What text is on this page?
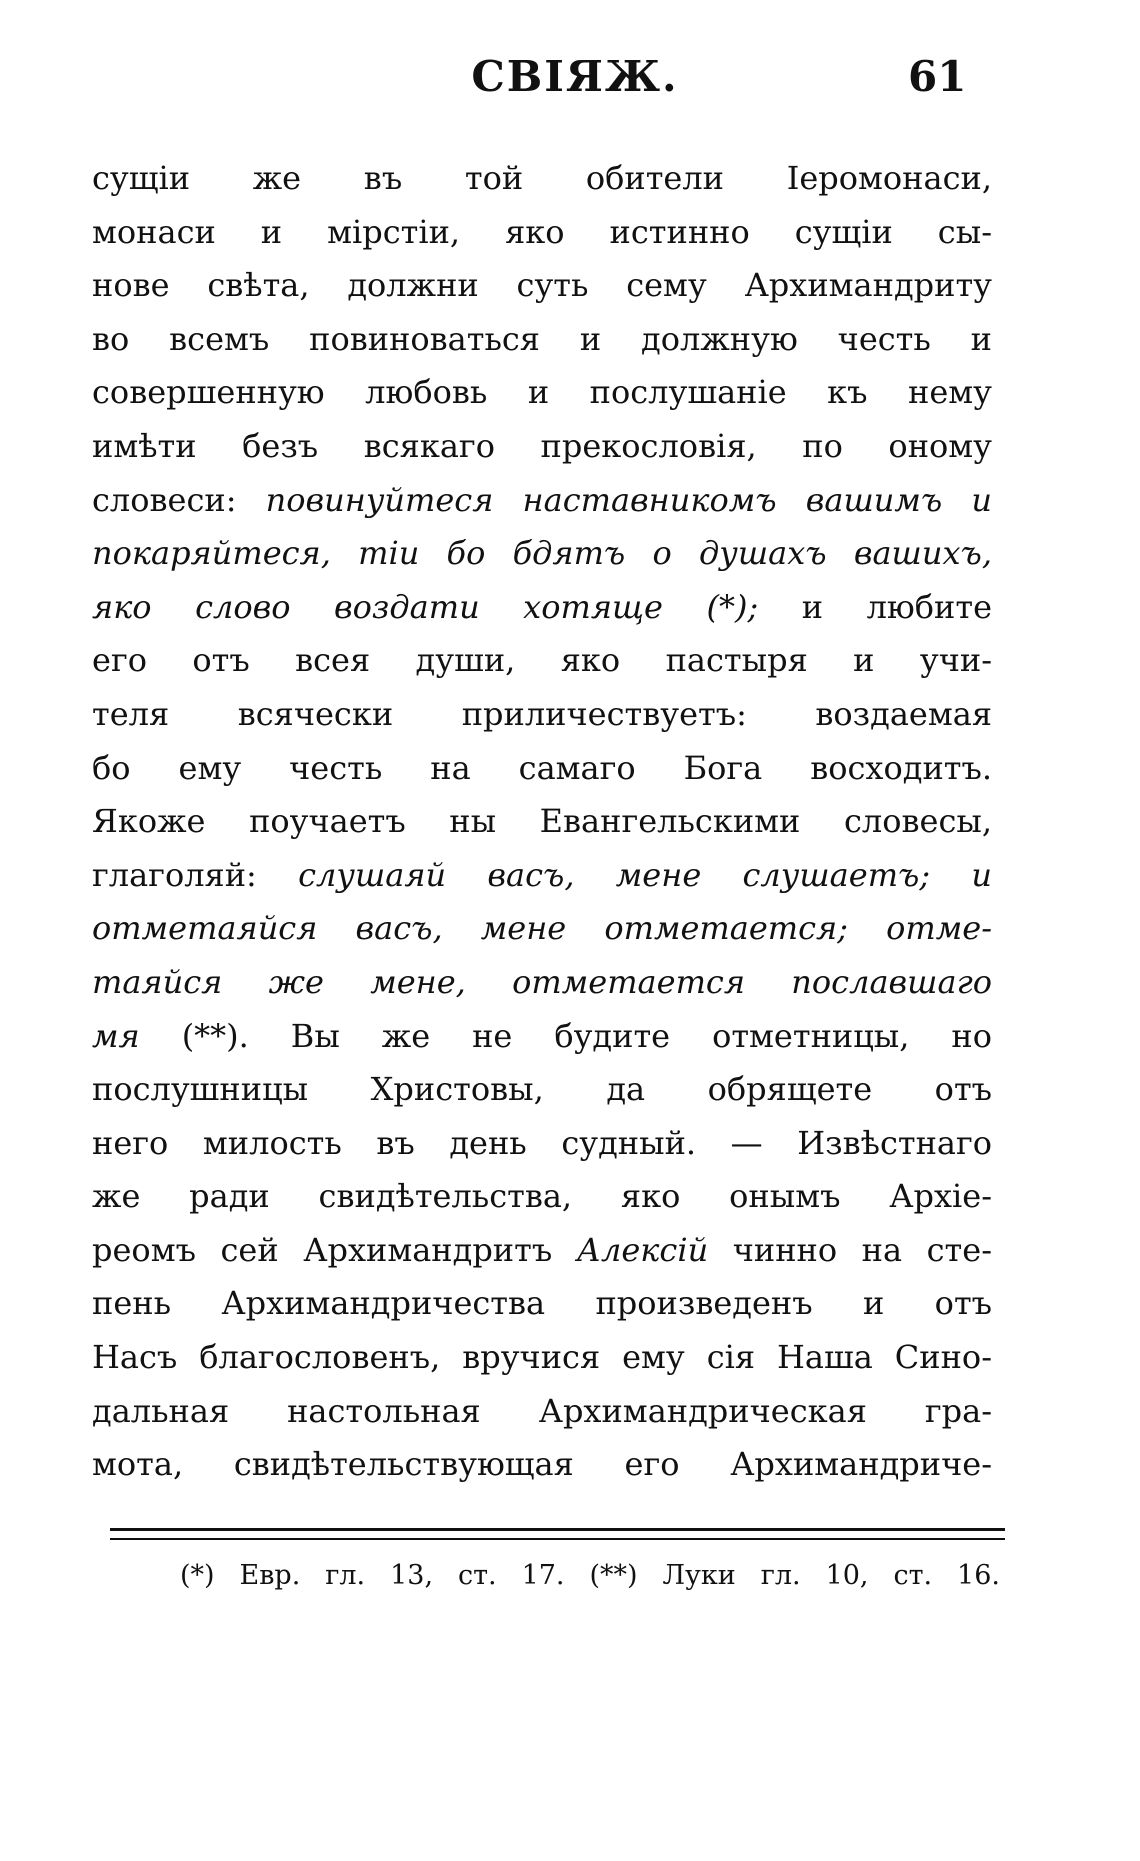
СВІЯЖ.	61
сущіи же въ той обители Іеромонаси,
монаси и мірстіи, яко истинно сущіи сы-
нове свѣта, должни суть сему Архимандриту
во всемъ повиноваться и должную честь и
совершенную любовь и послушаніе къ нему
имѣти безъ всякаго прекословія, по оному
словеси: повинуйтеся наставникомъ вашимъ и
покаряйтеся, тіи бо бдятъ о душахъ вашихъ,
яко слово воздати хотяще (*); и любите
его отъ всея души, яко пастыря и учи-
теля всячески приличествуетъ: воздаемая
бо ему честь на самаго Бога восходитъ.
Якоже поучаетъ ны Евангельскими словесы,
глаголяй: слушаяй васъ, мене слушаетъ; и
отметаяйся васъ, мене отметается; отме-
таяйся же мене, отметается пославшаго
мя (**). Вы же не будите отметницы, но
послушницы Христовы, да обрящете отъ
него милость въ день судный. — Извѣстнаго
же ради свидѣтельства, яко онымъ Архіе-
реомъ сей Архимандритъ Алексій чинно на сте-
пень Архимандричества произведенъ и отъ
Насъ благословенъ, вручися ему сія Наша Сино-
дальная настольная Архимандрическая гра-
мота, свидѣтельствующая его Архимандриче-
(*) Евр. гл. 13, ст. 17. (**) Луки гл. 10, ст. 16.
